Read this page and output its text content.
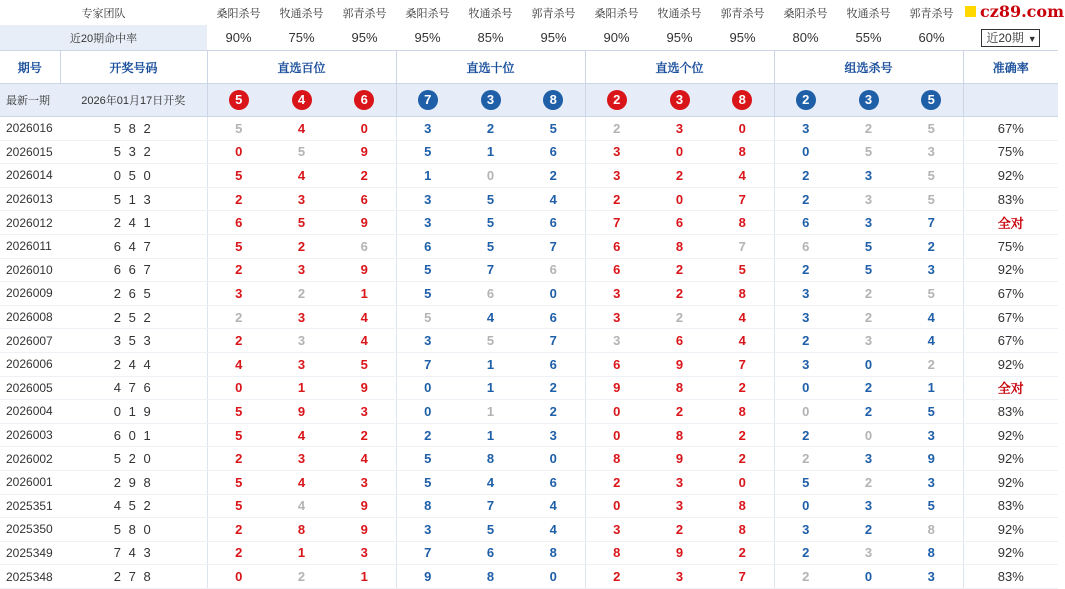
cz89.com
专家团队		桑阳杀号	牧通杀号	郭青杀号	桑阳杀号	牧通杀号	郭青杀号	桑阳杀号	牧通杀号	郭青杀号	桑阳杀号	牧通杀号	郭青杀号	
近20期命中率		90%	75%	95%	95%	85%	95%	90%	95%	95%	80%	55%	60%	近20期 ▼
期号	开奖号码	直选百位			直选十位			直选个位			组选杀号			准确率
最新一期	2026年01月17日开奖	5	4	6	7	3	8	2	3	8	2	3	5	
2026016	5 8 2	5	4	0	3	2	5	2	3	0	3	2	5	67%
2026015	5 3 2	0	5	9	5	1	6	3	0	8	0	5	3	75%
2026014	0 5 0	5	4	2	1	0	2	3	2	4	2	3	5	92%
2026013	5 1 3	2	3	6	3	5	4	2	0	7	2	3	5	83%
2026012	2 4 1	6	5	9	3	5	6	7	6	8	6	3	7	全对
2026011	6 4 7	5	2	6	6	5	7	6	8	7	6	5	2	75%
2026010	6 6 7	2	3	9	5	7	6	6	2	5	2	5	3	92%
2026009	2 6 5	3	2	1	5	6	0	3	2	8	3	2	5	67%
2026008	2 5 2	2	3	4	5	4	6	3	2	4	3	2	4	67%
2026007	3 5 3	2	3	4	3	5	7	3	6	4	2	3	4	67%
2026006	2 4 4	4	3	5	7	1	6	6	9	7	3	0	2	92%
2026005	4 7 6	0	1	9	0	1	2	9	8	2	0	2	1	全对
2026004	0 1 9	5	9	3	0	1	2	0	2	8	0	2	5	83%
2026003	6 0 1	5	4	2	2	1	3	0	8	2	2	0	3	92%
2026002	5 2 0	2	3	4	5	8	0	8	9	2	2	3	9	92%
2026001	2 9 8	5	4	3	5	4	6	2	3	0	5	2	3	92%
2025351	4 5 2	5	4	9	8	7	4	0	3	8	0	3	5	83%
2025350	5 8 0	2	8	9	3	5	4	3	2	8	3	2	8	92%
2025349	7 4 3	2	1	3	7	6	8	8	9	2	2	3	8	92%
2025348	2 7 8	0	2	1	9	8	0	2	3	7	2	0	3	83%
